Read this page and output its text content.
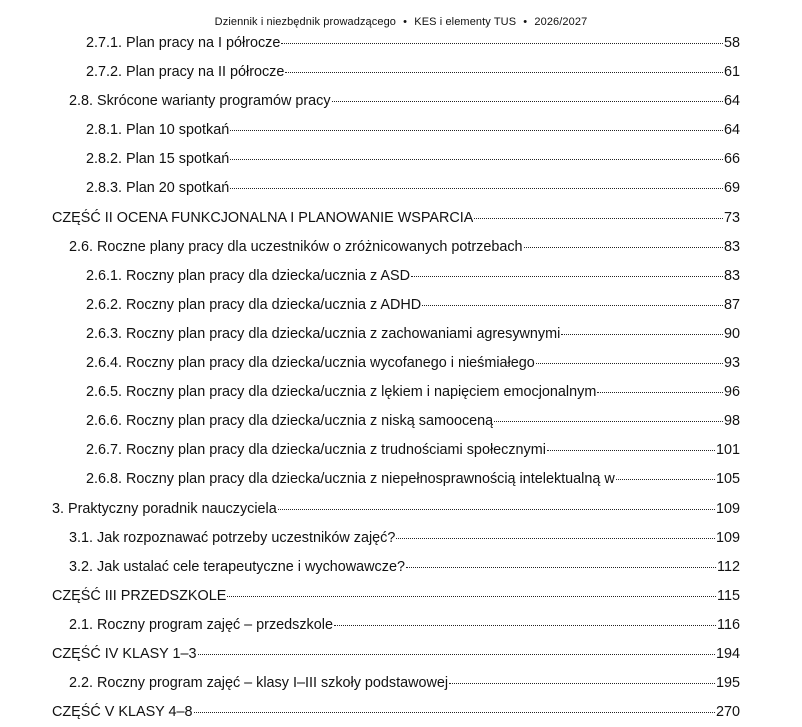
Dziennik i niezbędnik prowadzącego • KES i elementy TUS • 2026/2027
2.7.1. Plan pracy na I półrocze	58
2.7.2. Plan pracy na II półrocze	61
2.8. Skrócone warianty programów pracy	64
2.8.1. Plan 10 spotkań	64
2.8.2. Plan 15 spotkań	66
2.8.3. Plan 20 spotkań	69
CZĘŚĆ II OCENA FUNKCJONALNA I PLANOWANIE WSPARCIA	73
2.6. Roczne plany pracy dla uczestników o zróżnicowanych potrzebach	83
2.6.1. Roczny plan pracy dla dziecka/ucznia z ASD	83
2.6.2. Roczny plan pracy dla dziecka/ucznia z ADHD	87
2.6.3. Roczny plan pracy dla dziecka/ucznia z zachowaniami agresywnymi	90
2.6.4. Roczny plan pracy dla dziecka/ucznia wycofanego i nieśmiałego	93
2.6.5. Roczny plan pracy dla dziecka/ucznia z lękiem i napięciem emocjonalnym	96
2.6.6. Roczny plan pracy dla dziecka/ucznia z niską samooceną	98
2.6.7. Roczny plan pracy dla dziecka/ucznia z trudnościami społecznymi	101
2.6.8. Roczny plan pracy dla dziecka/ucznia z niepełnosprawnością intelektualną w	105
3. Praktyczny poradnik nauczyciela	109
3.1. Jak rozpoznawać potrzeby uczestników zajęć?	109
3.2. Jak ustalać cele terapeutyczne i wychowawcze?	112
CZĘŚĆ III PRZEDSZKOLE	115
2.1. Roczny program zajęć – przedszkole	116
CZĘŚĆ IV KLASY 1–3	194
2.2. Roczny program zajęć – klasy I–III szkoły podstawowej	195
CZĘŚĆ V KLASY 4–8	270
